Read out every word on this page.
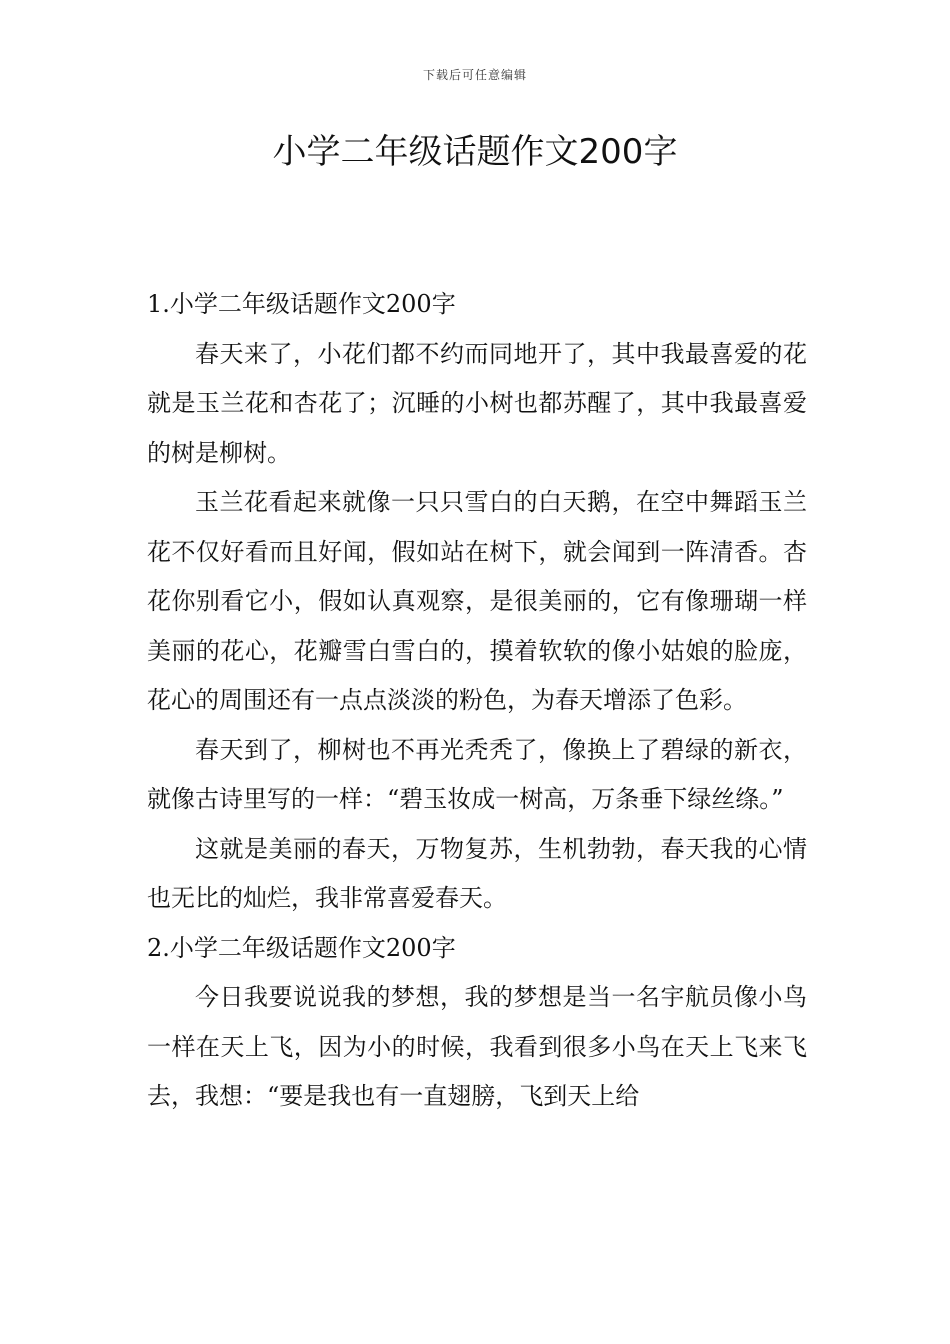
下载后可任意编辑
小学二年级话题作文200字

1.小学二年级话题作文200字

春天来了，小花们都不约而同地开了，其中我最喜爱的花就是玉兰花和杏花了；沉睡的小树也都苏醒了，其中我最喜爱的树是柳树。

玉兰花看起来就像一只只雪白的白天鹅，在空中舞蹈玉兰花不仅好看而且好闻，假如站在树下，就会闻到一阵清香。杏花你别看它小，假如认真观察，是很美丽的，它有像珊瑚一样美丽的花心，花瓣雪白雪白的，摸着软软的像小姑娘的脸庞，花心的周围还有一点点淡淡的粉色，为春天增添了色彩。

春天到了，柳树也不再光秃秃了，像换上了碧绿的新衣，就像古诗里写的一样：“碧玉妆成一树高，万条垂下绿丝绦。”

这就是美丽的春天，万物复苏，生机勃勃，春天我的心情也无比的灿烂，我非常喜爱春天。

2.小学二年级话题作文200字

今日我要说说我的梦想，我的梦想是当一名宇航员像小鸟一样在天上飞，因为小的时候，我看到很多小鸟在天上飞来飞去，我想：“要是我也有一直翅膀，飞到天上给
